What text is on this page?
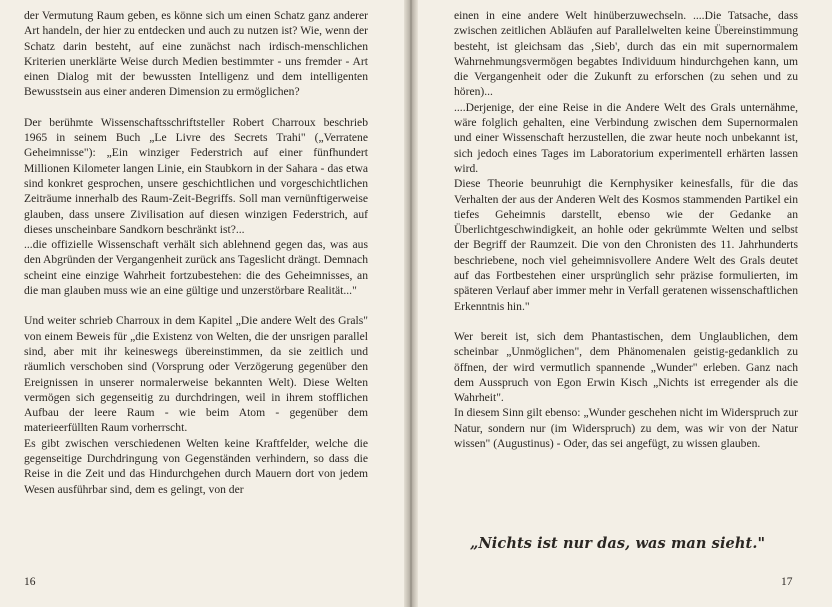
der Vermutung Raum geben, es könne sich um einen Schatz ganz anderer Art handeln, der hier zu entdecken und auch zu nutzen ist? Wie, wenn der Schatz darin besteht, auf eine zunächst nach irdisch-menschlichen Kriterien unerklärte Weise durch Medien bestimmter - uns fremder - Art einen Dialog mit der bewussten Intelligenz und dem intelligenten Bewusstsein aus einer anderen Dimension zu ermöglichen?

Der berühmte Wissenschaftsschriftsteller Robert Charroux beschrieb 1965 in seinem Buch „Le Livre des Secrets Trahi" („Verratene Geheimnisse"): „Ein winziger Federstrich auf einer fünfhundert Millionen Kilometer langen Linie, ein Staubkorn in der Sahara - das etwa sind konkret gesprochen, unsere geschichtlichen und vorgeschichtlichen Zeiträume innerhalb des Raum-Zeit-Begriffs. Soll man vernünftigerweise glauben, dass unsere Zivilisation auf diesen winzigen Federstrich, auf dieses unscheinbare Sandkorn beschränkt ist?...

...die offizielle Wissenschaft verhält sich ablehnend gegen das, was aus den Abgründen der Vergangenheit zurück ans Tageslicht drängt. Demnach scheint eine einzige Wahrheit fortzubestehen: die des Geheimnisses, an die man glauben muss wie an eine gültige und unzerstörbare Realität..."

Und weiter schrieb Charroux in dem Kapitel „Die andere Welt des Grals" von einem Beweis für „die Existenz von Welten, die der unsrigen parallel sind, aber mit ihr keineswegs übereinstimmen, da sie zeitlich und räumlich verschoben sind (Vorsprung oder Verzögerung gegenüber den Ereignissen in unserer normalerweise bekannten Welt). Diese Welten vermögen sich gegenseitig zu durchdringen, weil in ihrem stofflichen Aufbau der leere Raum - wie beim Atom - gegenüber dem materieerfüllten Raum vorherrscht.

Es gibt zwischen verschiedenen Welten keine Kraftfelder, welche die gegenseitige Durchdringung von Gegenständen verhindern, so dass die Reise in die Zeit und das Hindurchgehen durch Mauern dort von jedem Wesen ausführbar sind, dem es gelingt, von der

16

einen in eine andere Welt hinüberzuwechseln. ....Die Tatsache, dass zwischen zeitlichen Abläufen auf Parallelwelten keine Übereinstimmung besteht, ist gleichsam das ‚Sieb', durch das ein mit supernormalem Wahrnehmungsvermögen begabtes Individuum hindurchgehen kann, um die Vergangenheit oder die Zukunft zu erforschen (zu sehen und zu hören)...

....Derjenige, der eine Reise in die Andere Welt des Grals unternähme, wäre folglich gehalten, eine Verbindung zwischen dem Supernormalen und einer Wissenschaft herzustellen, die zwar heute noch unbekannt ist, sich jedoch eines Tages im Laboratorium experimentell erhärten lassen wird.

Diese Theorie beunruhigt die Kernphysiker keinesfalls, für die das Verhalten der aus der Anderen Welt des Kosmos stammenden Partikel ein tiefes Geheimnis darstellt, ebenso wie der Gedanke an Überlichtgeschwindigkeit, an hohle oder gekrümmte Welten und selbst der Begriff der Raumzeit. Die von den Chronisten des 11. Jahrhunderts beschriebene, noch viel geheimnisvollere Andere Welt des Grals deutet auf das Fortbestehen einer ursprünglich sehr präzise formulierten, im späteren Verlauf aber immer mehr in Verfall geratenen wissenschaftlichen Erkenntnis hin."

Wer bereit ist, sich dem Phantastischen, dem Unglaublichen, dem scheinbar „Unmöglichen", dem Phänomenalen geistig-gedanklich zu öffnen, der wird vermutlich spannende „Wunder" erleben. Ganz nach dem Ausspruch von Egon Erwin Kisch „Nichts ist erregender als die Wahrheit".

In diesem Sinn gilt ebenso: „Wunder geschehen nicht im Widerspruch zur Natur, sondern nur (im Widerspruch) zu dem, was wir von der Natur wissen" (Augustinus) - Oder, das sei angefügt, zu wissen glauben.

„Nichts ist nur das, was man sieht."
17
